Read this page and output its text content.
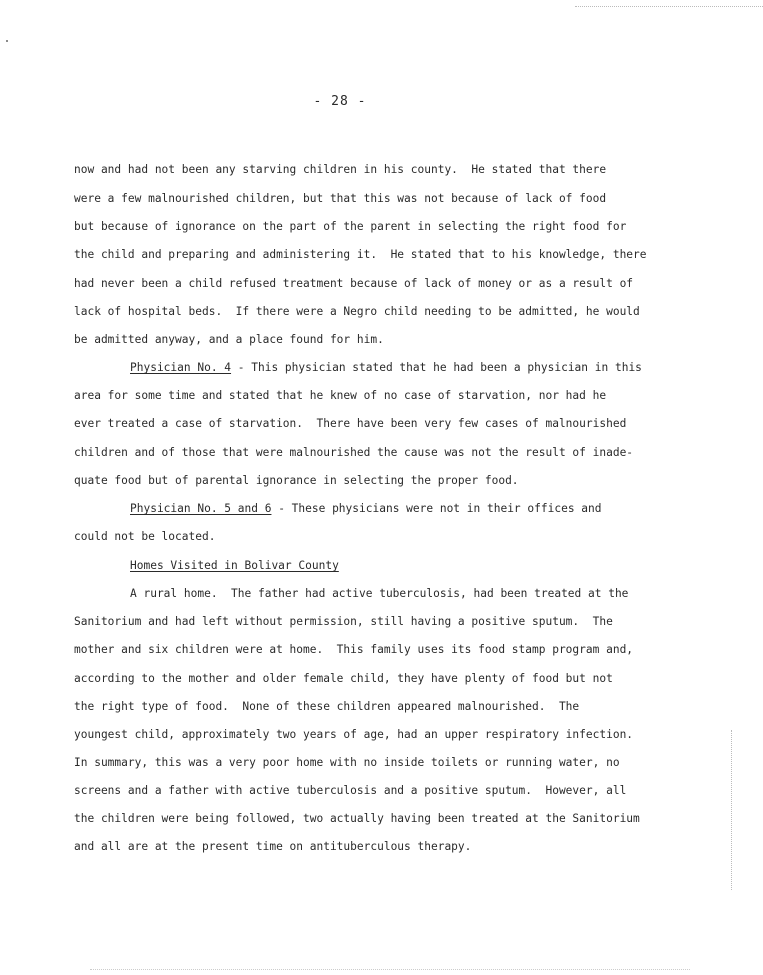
- 28 -
now and had not been any starving children in his county.  He stated that there
were a few malnourished children, but that this was not because of lack of food
but because of ignorance on the part of the parent in selecting the right food for
the child and preparing and administering it.  He stated that to his knowledge, there
had never been a child refused treatment because of lack of money or as a result of
lack of hospital beds.  If there were a Negro child needing to be admitted, he would
be admitted anyway, and a place found for him.
Physician No. 4 - This physician stated that he had been a physician in this
area for some time and stated that he knew of no case of starvation, nor had he
ever treated a case of starvation.  There have been very few cases of malnourished
children and of those that were malnourished the cause was not the result of inade-
quate food but of parental ignorance in selecting the proper food.
Physician No. 5 and 6 - These physicians were not in their offices and
could not be located.
Homes Visited in Bolivar County
A rural home.  The father had active tuberculosis, had been treated at the
Sanitorium and had left without permission, still having a positive sputum.  The
mother and six children were at home.  This family uses its food stamp program and,
according to the mother and older female child, they have plenty of food but not
the right type of food.  None of these children appeared malnourished.  The
youngest child, approximately two years of age, had an upper respiratory infection.
In summary, this was a very poor home with no inside toilets or running water, no
screens and a father with active tuberculosis and a positive sputum.  However, all
the children were being followed, two actually having been treated at the Sanitorium
and all are at the present time on antituberculous therapy.
